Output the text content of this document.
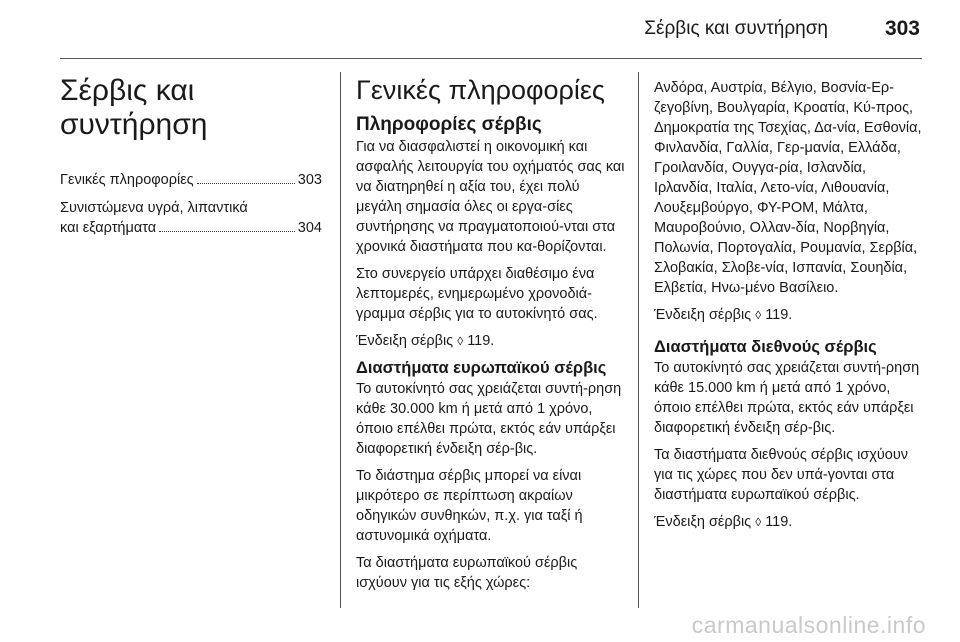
Σέρβις και συντήρηση	303
Σέρβις και συντήρηση
Γενικές πληροφορίες	303
Συνιστώμενα υγρά, λιπαντικά
και εξαρτήματα	304
Γενικές πληροφορίες
Πληροφορίες σέρβις

Για να διασφαλιστεί η οικονομική και ασφαλής λειτουργία του οχήματός σας και να διατηρηθεί η αξία του, έχει πολύ μεγάλη σημασία όλες οι εργα-σίες συντήρησης να πραγματοποιού-νται στα χρονικά διαστήματα που κα-θορίζονται.

Στο συνεργείο υπάρχει διαθέσιμο ένα λεπτομερές, ενημερωμένο χρονοδιά-γραμμα σέρβις για το αυτοκίνητό σας.

Ένδειξη σέρβις ◊ 119.

Διαστήματα ευρωπαϊκού σέρβις

Το αυτοκίνητό σας χρειάζεται συντή-ρηση κάθε 30.000 km ή μετά από 1 χρόνο, όποιο επέλθει πρώτα, εκτός εάν υπάρξει διαφορετική ένδειξη σέρ-βις.

Το διάστημα σέρβις μπορεί να είναι μικρότερο σε περίπτωση ακραίων οδηγικών συνθηκών, π.χ. για ταξί ή αστυνομικά οχήματα.

Τα διαστήματα ευρωπαϊκού σέρβις ισχύουν για τις εξής χώρες:

Ανδόρα, Αυστρία, Βέλγιο, Βοσνία-Ερ-ζεγοβίνη, Βουλγαρία, Κροατία, Κύ-προς, Δημοκρατία της Τσεχίας, Δα-νία, Εσθονία, Φινλανδία, Γαλλία, Γερ-μανία, Ελλάδα, Γροιλανδία, Ουγγα-ρία, Ισλανδία, Ιρλανδία, Ιταλία, Λετο-νία, Λιθουανία, Λουξεμβούργο, ΦΥ-ΡΟΜ, Μάλτα, Μαυροβούνιο, Ολλαν-δία, Νορβηγία, Πολωνία, Πορτογαλία, Ρουμανία, Σερβία, Σλοβακία, Σλοβε-νία, Ισπανία, Σουηδία, Ελβετία, Ηνω-μένο Βασίλειο.

Ένδειξη σέρβις ◊ 119.

Διαστήματα διεθνούς σέρβις

Το αυτοκίνητό σας χρειάζεται συντή-ρηση κάθε 15.000 km ή μετά από 1 χρόνο, όποιο επέλθει πρώτα, εκτός εάν υπάρξει διαφορετική ένδειξη σέρ-βις.

Τα διαστήματα διεθνούς σέρβις ισχύουν για τις χώρες που δεν υπά-γονται στα διαστήματα ευρωπαϊκού σέρβις.

Ένδειξη σέρβις ◊ 119.

carmanualsonline.info
